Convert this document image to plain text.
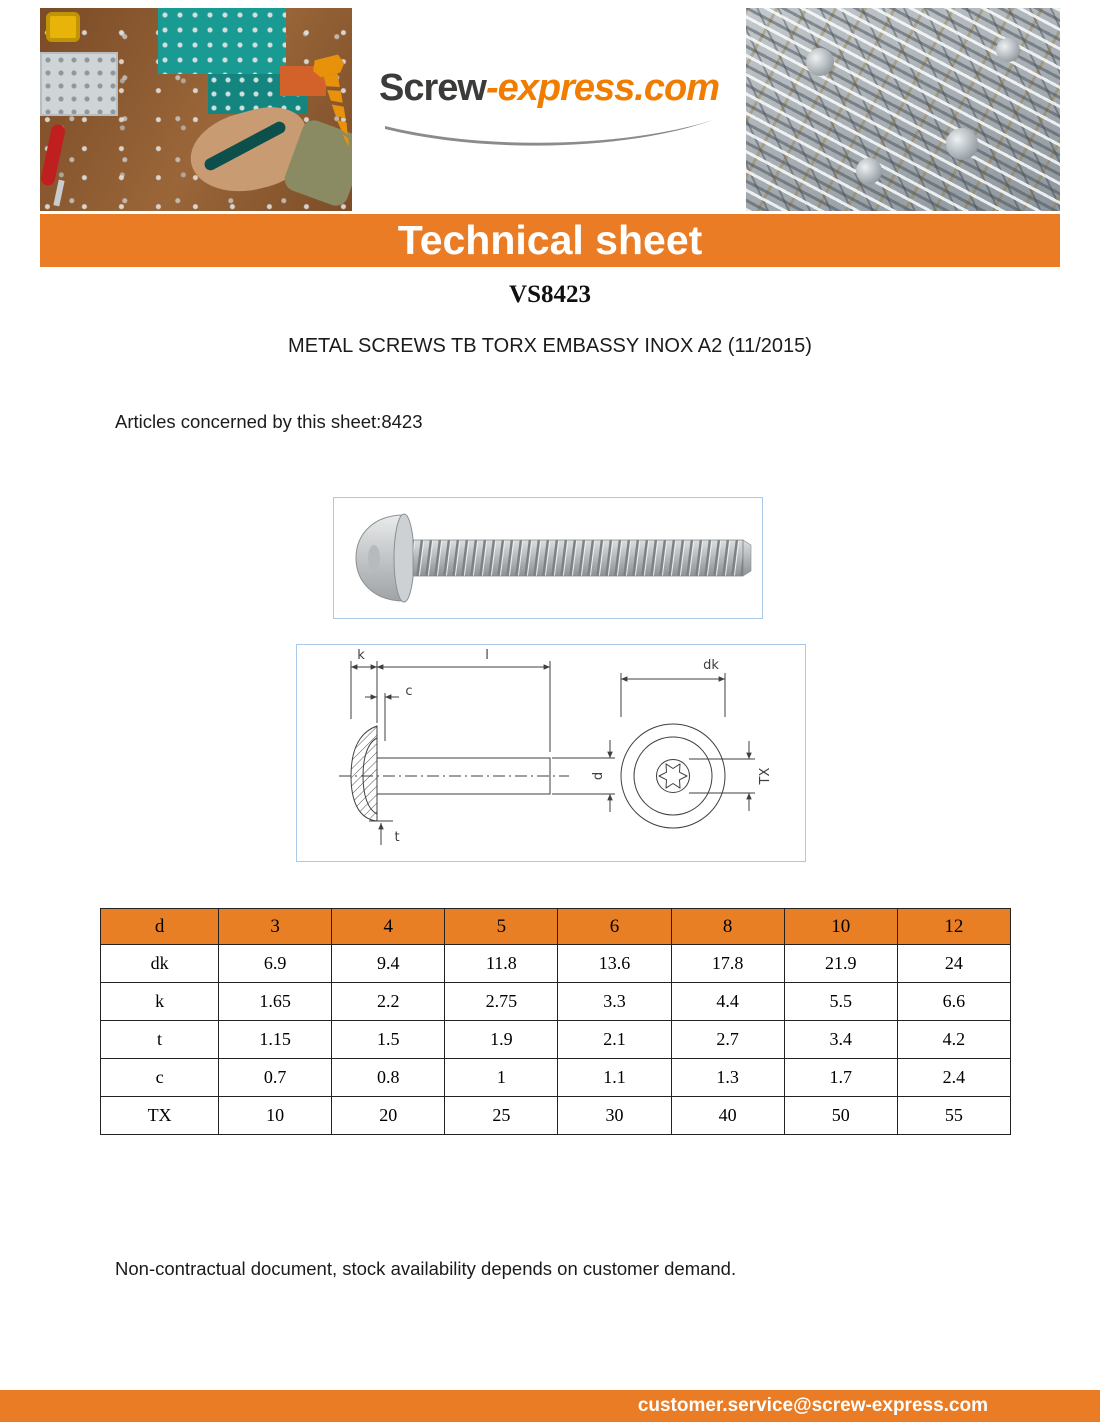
Screw -express.com
Technical sheet
VS8423
METAL SCREWS TB TORX EMBASSY INOX A2 (11/2015)
Articles concerned by this sheet:8423
k	l
c
d
t
dk
TX
d	3	4	5	6	8	10	12
dk	6.9	9.4	11.8	13.6	17.8	21.9	24
k	1.65	2.2	2.75	3.3	4.4	5.5	6.6
t	1.15	1.5	1.9	2.1	2.7	3.4	4.2
c	0.7	0.8	1	1.1	1.3	1.7	2.4
TX	10	20	25	30	40	50	55
Non-contractual document, stock availability depends on customer demand.
customer.service@screw-express.com
